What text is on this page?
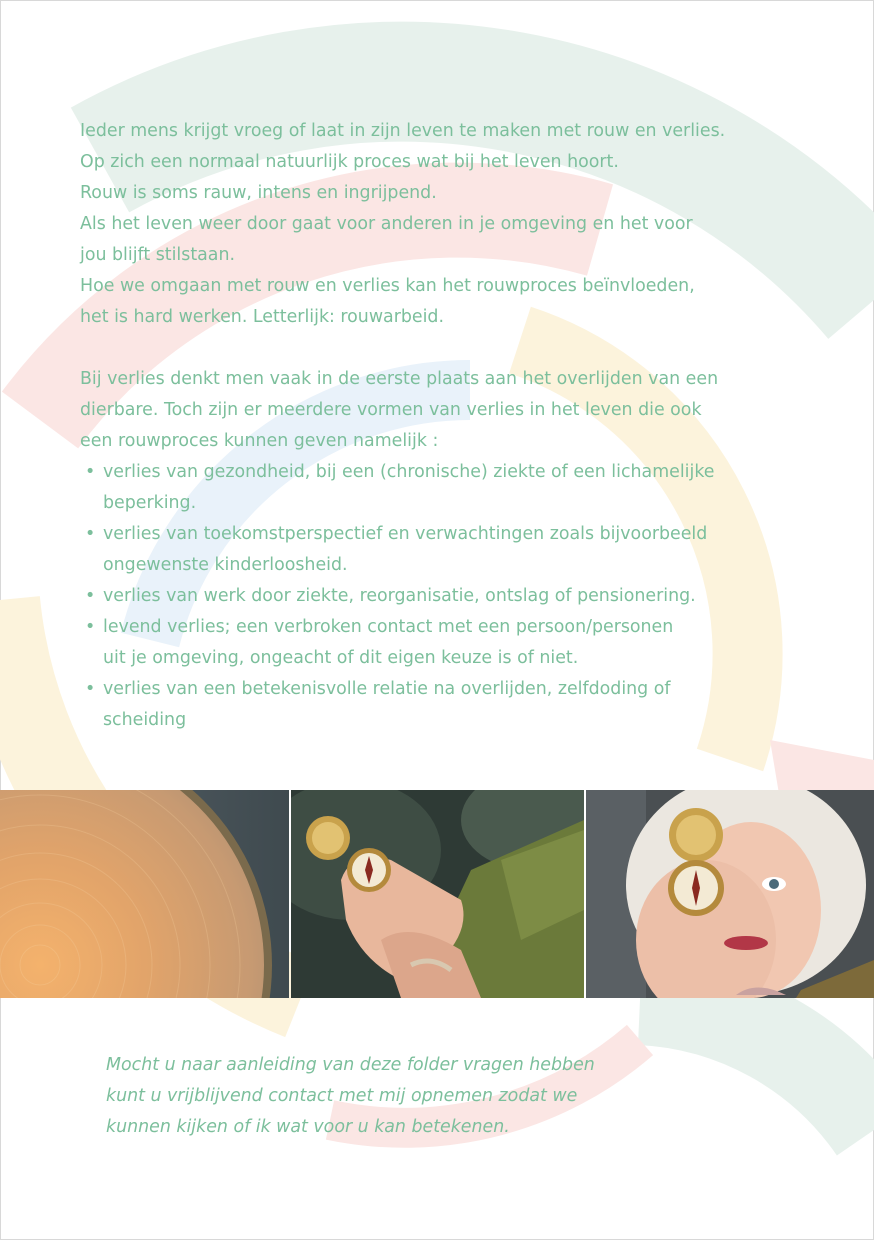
Ieder mens krijgt vroeg of laat in zijn leven te maken met rouw en verlies.
Op zich een normaal natuurlijk proces wat bij het leven hoort.
Rouw is soms rauw, intens en ingrijpend.
Als het leven weer door gaat voor anderen in je omgeving en het voor
jou blijft stilstaan.
Hoe we omgaan met rouw en verlies kan het rouwproces beïnvloeden,
het is hard werken. Letterlijk: rouwarbeid.

Bij verlies denkt men vaak in de eerste plaats aan het overlijden van een
dierbare. Toch zijn er meerdere vormen van verlies in het leven die ook
een rouwproces kunnen geven namelijk :

• verlies van gezondheid, bij een (chronische) ziekte of een lichamelijke
beperking.
• verlies van toekomstperspectief en verwachtingen zoals bijvoorbeeld
ongewenste kinderloosheid.
• verlies van werk door ziekte, reorganisatie, ontslag of pensionering.
• levend verlies; een verbroken contact met een persoon/personen
uit je omgeving, ongeacht of dit eigen keuze is of niet.
• verlies van een betekenisvolle relatie na overlijden, zelfdoding of
scheiding

Mocht u naar aanleiding van deze folder vragen hebben
kunt u vrijblijvend contact met mij opnemen zodat we
kunnen kijken of ik wat voor u kan betekenen.
